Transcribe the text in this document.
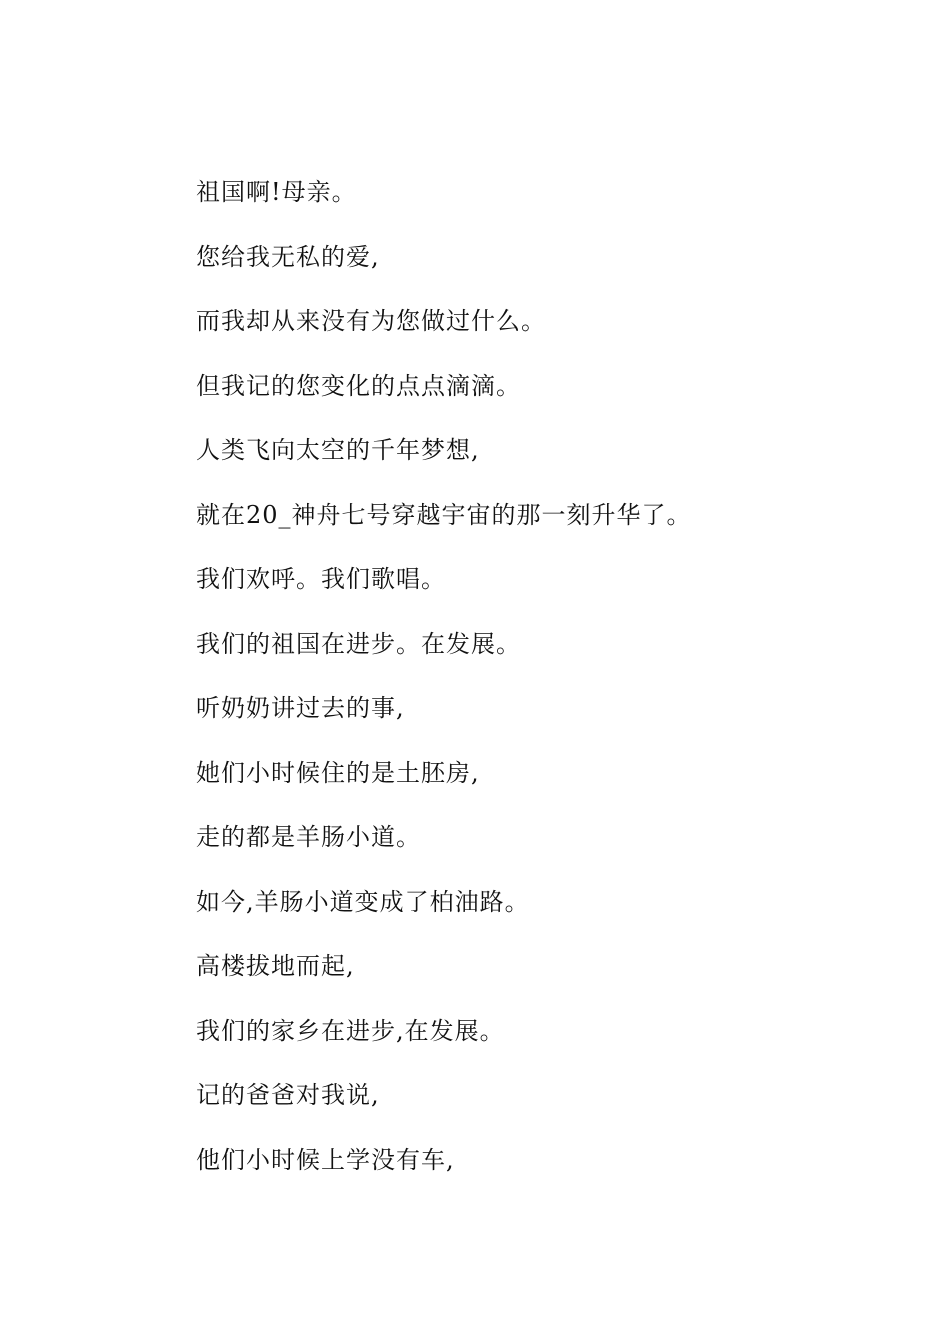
祖国啊!母亲。
您给我无私的爱,
而我却从来没有为您做过什么。
但我记的您变化的点点滴滴。
人类飞向太空的千年梦想,
就在20_神舟七号穿越宇宙的那一刻升华了。
我们欢呼。我们歌唱。
我们的祖国在进步。在发展。
听奶奶讲过去的事,
她们小时候住的是土胚房,
走的都是羊肠小道。
如今,羊肠小道变成了柏油路。
高楼拔地而起,
我们的家乡在进步,在发展。
记的爸爸对我说,
他们小时候上学没有车,
